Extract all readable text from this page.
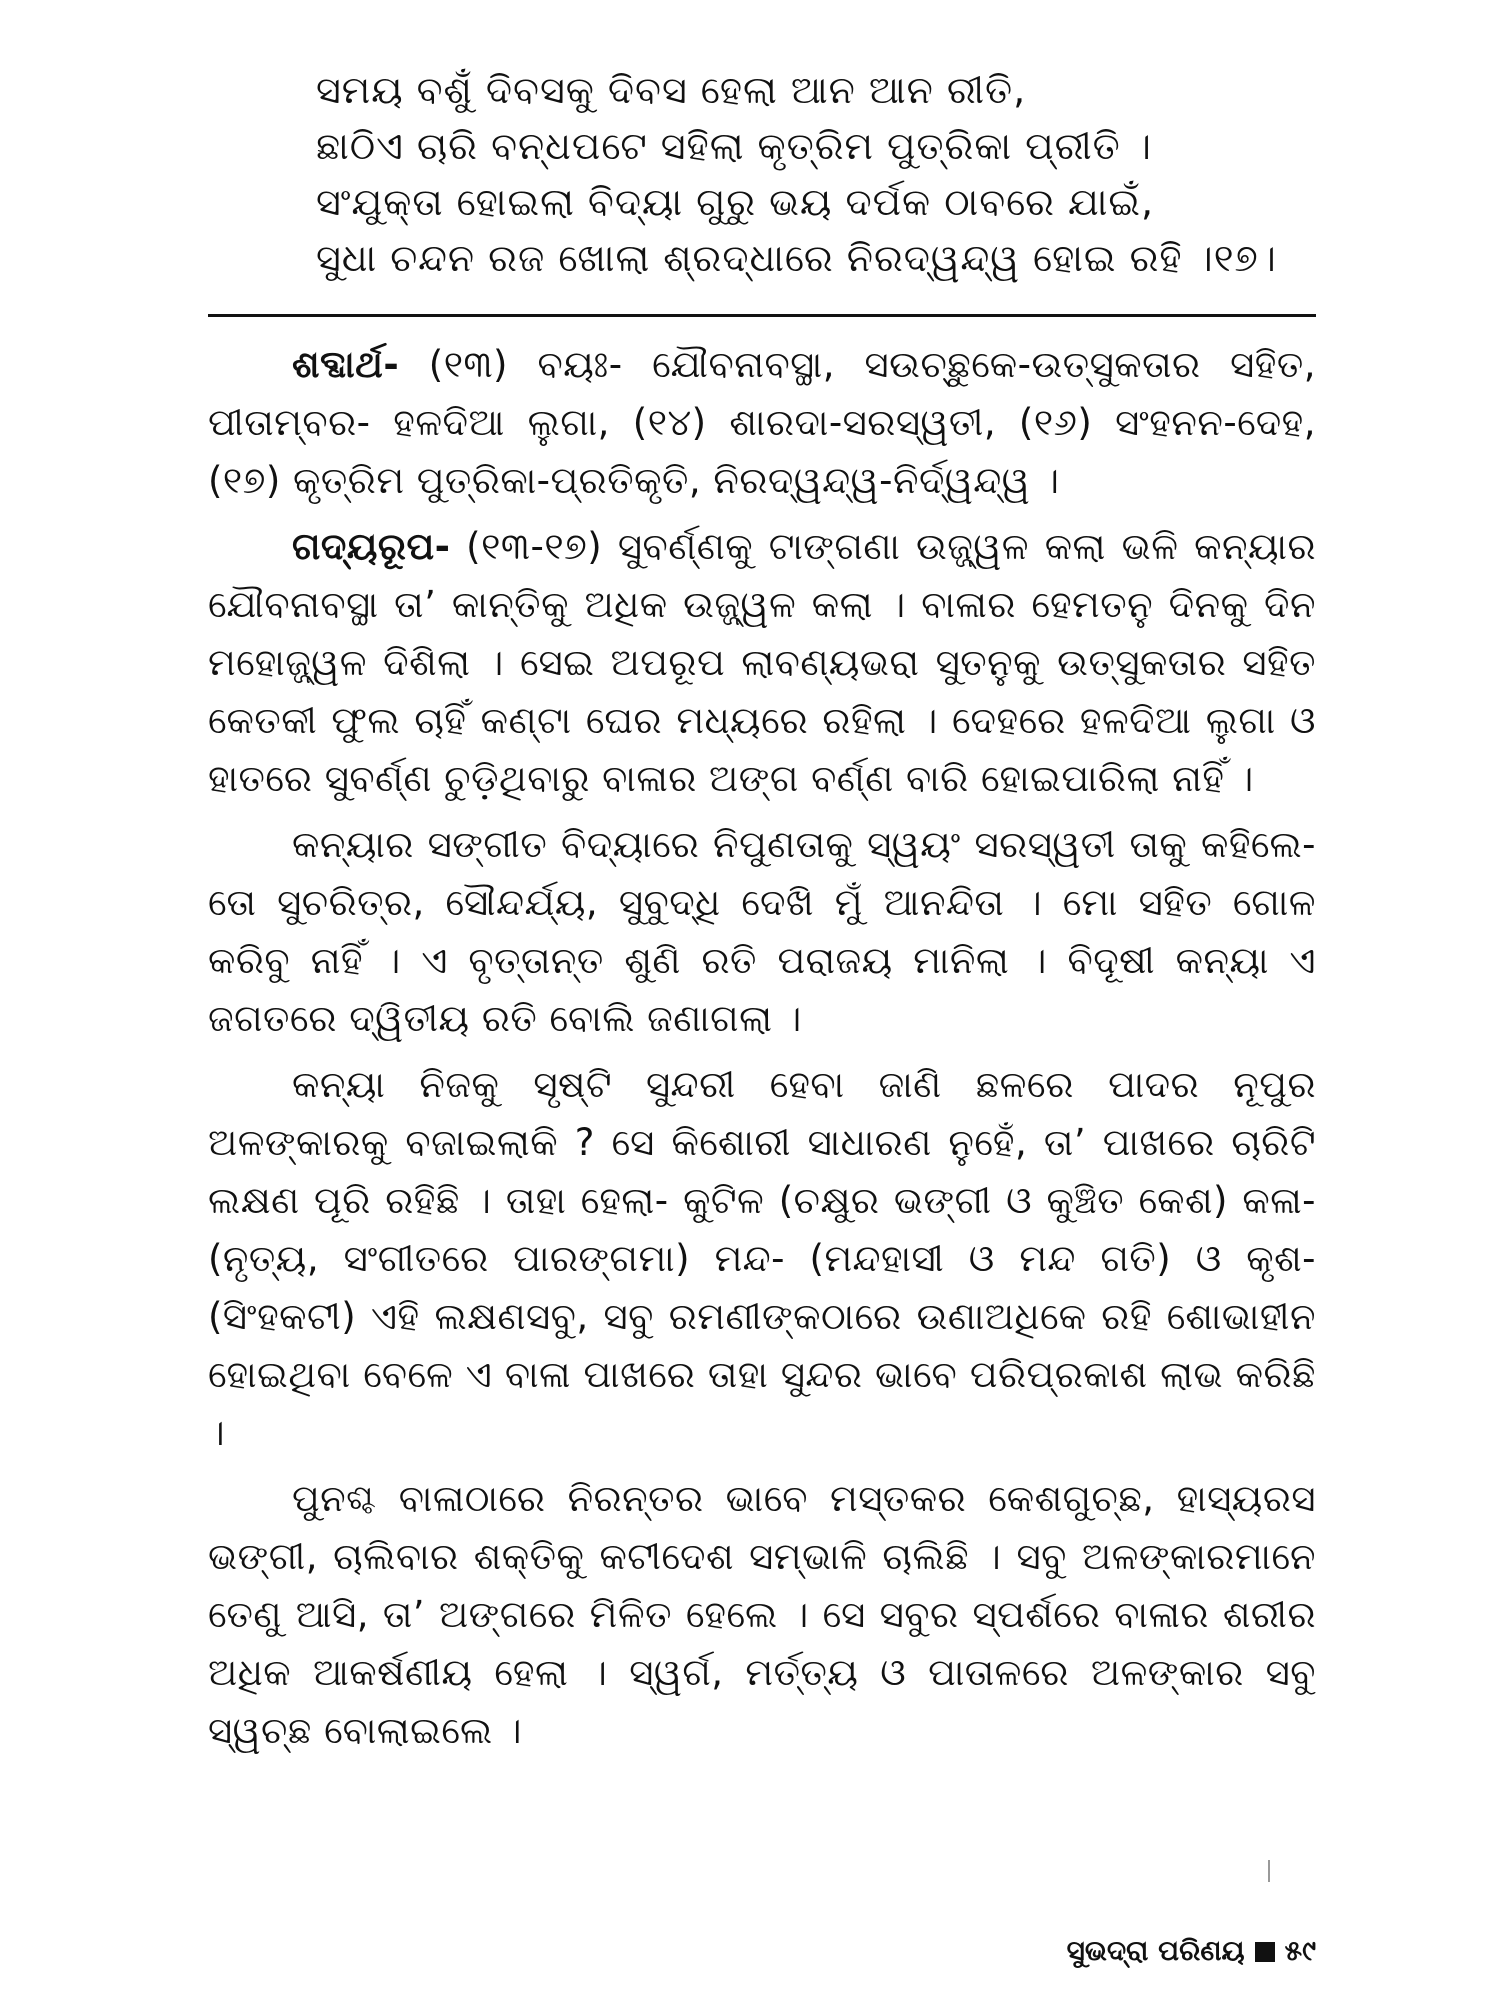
ସମୟ ବଶୁଁ ଦିବସକୁ ଦିବସ ହେଲା ଆନ ଆନ ରୀତି,
ଛାଠିଏ ଚାରି ବନ୍ଧପଟେ ସହିଲା କୃତ୍ରିମ ପୁତ୍ରିକା ପ୍ରୀତି ।
ସଂଯୁକ୍ତା ହୋଇଲା ବିଦ୍ୟା ଗୁରୁ ଭୟ ଦର୍ପକ ଠାବରେ ଯାଇଁ,
ସୁଧା ଚନ୍ଦନ ରଜ ଖୋଲା ଶ୍ରଦ୍ଧାରେ ନିରଦ୍ୱନ୍ଦ୍ୱ ହୋଇ ରହି ।୧୭।

ଶବ୍ଦାର୍ଥ- (୧୩) ବୟଃ- ଯୌବନାବସ୍ଥା, ସଉଚ୍ଛୁକେ-ଉତ୍ସୁକତାର ସହିତ, ପୀତାମ୍ବର- ହଳଦିଆ ଲୁଗା, (୧୪) ଶାରଦା-ସରସ୍ୱତୀ, (୧୬) ସଂହନନ-ଦେହ, (୧୭) କୃତ୍ରିମ ପୁତ୍ରିକା-ପ୍ରତିକୃତି, ନିରଦ୍ୱନ୍ଦ୍ୱ-ନିର୍ଦ୍ୱନ୍ଦ୍ୱ ।

ଗଦ୍ୟରୂପ- (୧୩-୧୭) ସୁବର୍ଣ୍ଣକୁ ଟାଙ୍ଗଣା ଉଜ୍ଜ୍ୱଳ କଲା ଭଳି କନ୍ୟାର ଯୌବନାବସ୍ଥା ତା’ କାନ୍ତିକୁ ଅଧିକ ଉଜ୍ଜ୍ୱଳ କଲା । ବାଳାର ହେମତନୁ ଦିନକୁ ଦିନ ମହୋଜ୍ଜ୍ୱଳ ଦିଶିଲା । ସେଇ ଅପରୂପ ଲାବଣ୍ୟଭରା ସୁତନୁକୁ ଉତ୍ସୁକତାର ସହିତ କେତକୀ ଫୁଲ ଚାହିଁ କଣ୍ଟା ଘେର ମଧ୍ୟରେ ରହିଲା । ଦେହରେ ହଳଦିଆ ଲୁଗା ଓ ହାତରେ ସୁବର୍ଣ୍ଣ ଚୁଡ଼ିଥିବାରୁ ବାଳାର ଅଙ୍ଗ ବର୍ଣ୍ଣ ବାରି ହୋଇପାରିଲା ନାହିଁ ।

କନ୍ୟାର ସଙ୍ଗୀତ ବିଦ୍ୟାରେ ନିପୁଣତାକୁ ସ୍ୱୟଂ ସରସ୍ୱତୀ ତାକୁ କହିଲେ- ତୋ ସୁଚରିତ୍ର, ସୌନ୍ଦର୍ଯ୍ୟ, ସୁବୁଦ୍ଧି ଦେଖି ମୁଁ ଆନନ୍ଦିତା । ମୋ ସହିତ ଗୋଳ କରିବୁ ନାହିଁ । ଏ ବୃତ୍ତାନ୍ତ ଶୁଣି ରତି ପରାଜୟ ମାନିଲା । ବିଦୂଷୀ କନ୍ୟା ଏ ଜଗତରେ ଦ୍ୱିତୀୟ ରତି ବୋଲି ଜଣାଗଲା ।

କନ୍ୟା ନିଜକୁ ସୃଷ୍ଟି ସୁନ୍ଦରୀ ହେବା ଜାଣି ଛଳରେ ପାଦର ନୂପୁର ଅଳଙ୍କାରକୁ ବଜାଇଲାକି ? ସେ କିଶୋରୀ ସାଧାରଣ ନୁହେଁ, ତା’ ପାଖରେ ଚାରିଟି ଲକ୍ଷଣ ପୂରି ରହିଛି । ତାହା ହେଲା- କୁଟିଳ (ଚକ୍ଷୁର ଭଙ୍ଗୀ ଓ କୁଞ୍ଚିତ କେଶ) କଳା- (ନୃତ୍ୟ, ସଂଗୀତରେ ପାରଙ୍ଗମା) ମନ୍ଦ- (ମନ୍ଦହାସୀ ଓ ମନ୍ଦ ଗତି) ଓ କୃଶ- (ସିଂହକଟୀ) ଏହି ଲକ୍ଷଣସବୁ, ସବୁ ରମଣୀଙ୍କଠାରେ ଉଣାଅଧିକେ ରହି ଶୋଭାହୀନ ହୋଇଥିବା ବେଳେ ଏ ବାଳା ପାଖରେ ତାହା ସୁନ୍ଦର ଭାବେ ପରିପ୍ରକାଶ ଲାଭ କରିଛି ।

ପୁନଶ୍ଚ ବାଳାଠାରେ ନିରନ୍ତର ଭାବେ ମସ୍ତକର କେଶଗୁଚ୍ଛ, ହାସ୍ୟରସ ଭଙ୍ଗୀ, ଚାଲିବାର ଶକ୍ତିକୁ କଟୀଦେଶ ସମ୍ଭାଳି ଚାଲିଛି । ସବୁ ଅଳଙ୍କାରମାନେ ତେଣୁ ଆସି, ତା’ ଅଙ୍ଗରେ ମିଳିତ ହେଲେ । ସେ ସବୁର ସ୍ପର୍ଶରେ ବାଳାର ଶରୀର ଅଧିକ ଆକର୍ଷଣୀୟ ହେଲା । ସ୍ୱର୍ଗ, ମର୍ତ୍ତ୍ୟ ଓ ପାତାଳରେ ଅଳଙ୍କାର ସବୁ ସ୍ୱଚ୍ଛ ବୋଲାଇଲେ ।

ସୁଭଦ୍ରା ପରିଣୟ ୫୯
